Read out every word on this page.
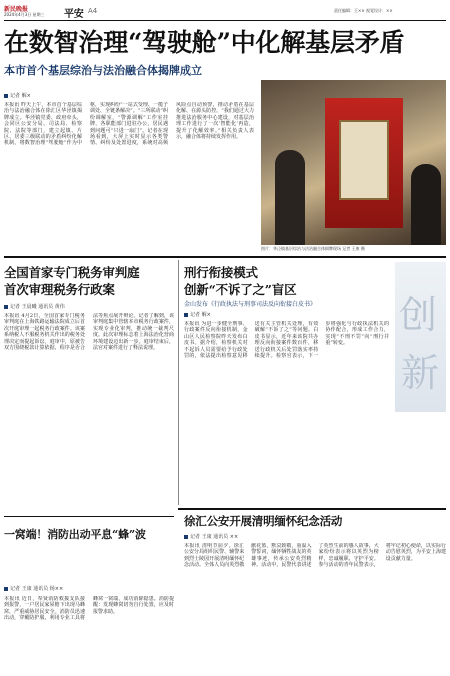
新民晚报
2024年4月3日 星期三 平安 A4	责任编辑：王×× 视觉设计：××
在数智治理“驾驶舱”中化解基层矛盾
本市首个基层综治与法治融合体揭牌成立
记者 解×
本报讯 昨天上午，本市首个基层综治与法治融合体在徐汇区华泾镇揭牌成立。华泾镇党委、政府牵头，会同区公安分局、司法局、检察院、法院等部门，建立起镇、片区、居委三级联动的矛盾纠纷化解机制，将数智治理“驾驶舱”作为中枢，实现纠纷“一站式受理、一揽子调处、全链条解决”。“三所联动”纠纷调解室，“警源调解”工作室挂牌，各职能部门进驻办公，居民遇到问题可“只进一扇门”。记者在现场看到，大屏上实时显示各类警情、纠纷及处置进度，系统对高频风险点自动预警，推动矛盾在基层化解、在源头防控。“我们通过大力推进法治服务中心建设，对基层治理工作进行了一次‘智能化’再造，提升了化解效率。”相关负责人表示，融合体将持续发挥作用。
图片：华泾镇基层综治与法治融合体揭牌现场 记者 王康 摄
全国首家专门税务审判庭
首次审理税务行政案
记者 王晨曦 通讯员 黄伟
本报讯 4月2日，全国首家专门税务审判庭在上海铁路运输法院成立后首次开庭审理一起税务行政案件。该案系纳税人不服税务机关作出的税务处理决定而提起诉讼。庭审中，原被告双方围绕税款计算依据、程序是否合法等焦点展开辩论。记者了解到，该审判庭集中管辖本市税务行政案件，实现专业化审判，推动统一裁判尺度。此次审理标志着上海法治化营商环境建设迈出新一步。庭审结束后，法官对案件进行了释法说理。
刑行衔接模式
创新“不诉了之”盲区
金山发布《行政执法与刑事司法反向衔接白皮书》
记者 解×
本报讯 为进一步健全刑事、行政案件反向衔接机制，金山区人民检察院昨天发布白皮书。据介绍，检察机关对不起诉人员需要给予行政处罚的，依法提出检察意见移送有关主管机关处理，有效破解“不诉了之”等问题。白皮书显示，近年来该院共办理反向衔接案件数百件，移送行政机关后处罚落实率持续提升。检察官表示，下一步将强化与行政执法机关的协作配合，形成工作合力，实现“不刑不罚”向“刑行并重”转变。
创
新
一窝端！消防出动平息“蜂”波
记者 王康 通讯员 杨××
本报讯 近日，奉贤消防救援支队接到报警，一户居民家屋檐下出现马蜂窝，严重威胁居民安全。消防员迅速出动，穿戴防护服，利用专业工具将蜂窝一窝端，成功消除隐患。消防提醒：发现蜂窝切勿自行处置，应及时报警求助。
徐汇公安开展清明缅怀纪念活动
记者 王康 通讯员 ××
本报讯 清明节前夕，徐汇公安分局组织民警、辅警来到烈士陵园开展清明缅怀纪念活动。全体人员向英烈敬献花篮，默哀致敬，重温入警誓词，缅怀牺牲战友的英雄事迹，传承公安英烈精神。活动中，民警代表讲述了英烈生前的感人故事，大家纷纷表示将以英烈为榜样，忠诚履职、守护平安。参与活动的青年民警表示，将牢记初心使命，以实际行动告慰英烈，为平安上海建设贡献力量。
